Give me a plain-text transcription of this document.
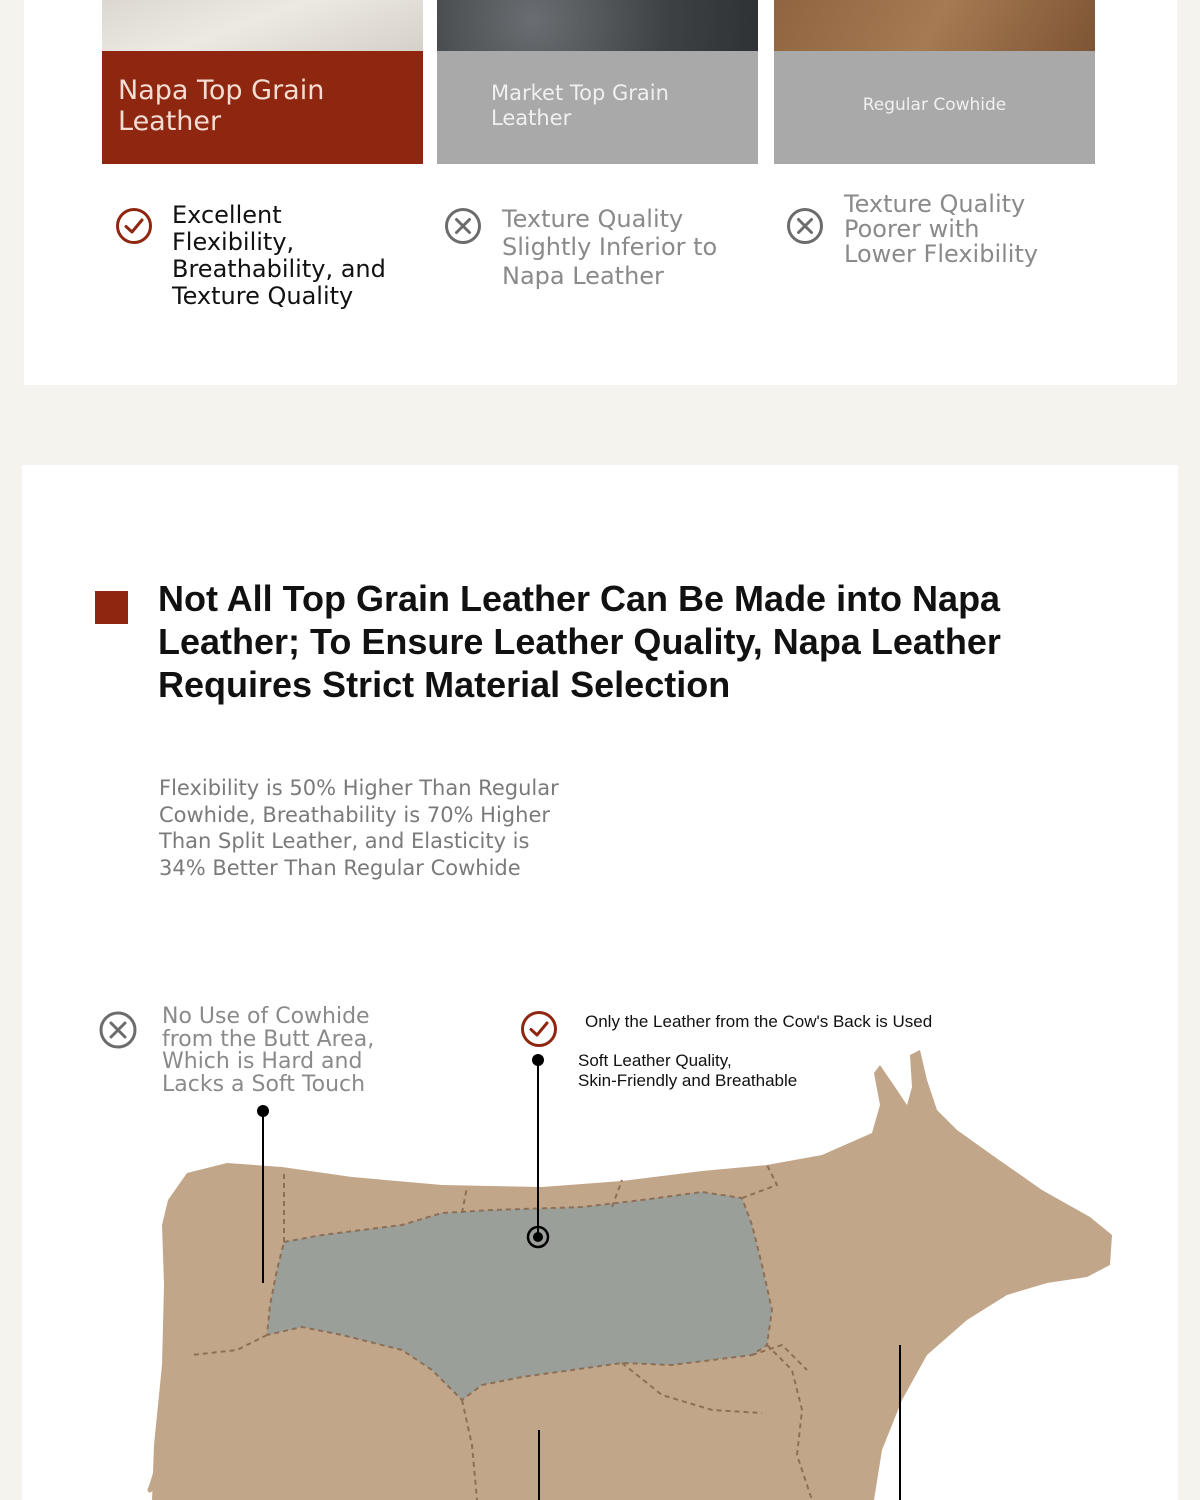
Napa Top Grain Leather
Market Top Grain Leather
Regular Cowhide
Excellent Flexibility, Breathability, and Texture Quality
Texture Quality Slightly Inferior to Napa Leather
Texture Quality Poorer with Lower Flexibility
Not All Top Grain Leather Can Be Made into Napa Leather; To Ensure Leather Quality, Napa Leather Requires Strict Material Selection
Flexibility is 50% Higher Than Regular Cowhide, Breathability is 70% Higher Than Split Leather, and Elasticity is 34% Better Than Regular Cowhide
No Use of Cowhide from the Butt Area, Which is Hard and Lacks a Soft Touch
Only the Leather from the Cow's Back is Used
Soft Leather Quality,
Skin-Friendly and Breathable
